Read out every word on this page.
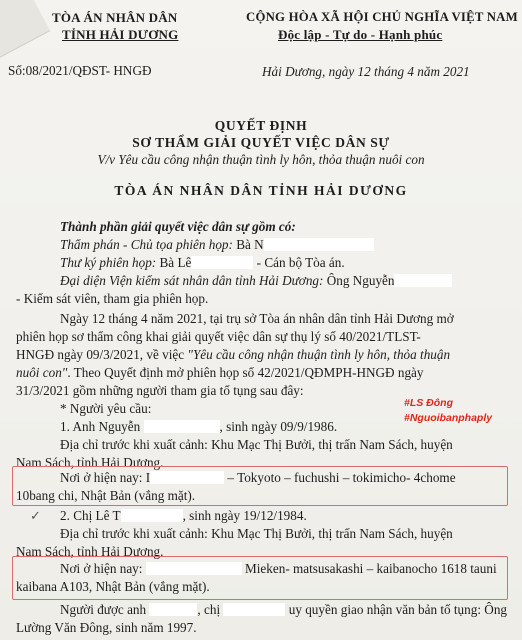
TÒA ÁN NHÂN DÂN
TỈNH HẢI DƯƠNG
Số:08/2021/QĐST- HNGĐ
CỘNG HÒA XÃ HỘI CHỦ NGHĨA VIỆT NAM
Độc lập - Tự do - Hạnh phúc
Hải Dương, ngày 12 tháng 4 năm 2021
QUYẾT ĐỊNH
SƠ THẨM GIẢI QUYẾT VIỆC DÂN SỰ
V/v Yêu cầu công nhận thuận tình ly hôn, thỏa thuận nuôi con
TÒA ÁN NHÂN DÂN TỈNH HẢI DƯƠNG
Thành phần giải quyết việc dân sự gồm có:
Thẩm phán - Chủ tọa phiên họp: Bà N
Thư ký phiên họp: Bà Lê	- Cán bộ Tòa án.
Đại diện Viện kiểm sát nhân dân tỉnh Hải Dương: Ông Nguyễn
- Kiểm sát viên, tham gia phiên họp.
Ngày 12 tháng 4 năm 2021, tại trụ sở Tòa án nhân dân tỉnh Hải Dương mở
phiên họp sơ thẩm công khai giải quyết việc dân sự thụ lý số 40/2021/TLST-
HNGĐ ngày 09/3/2021, về việc "Yêu cầu công nhận thuận tình ly hôn, thỏa thuận
nuôi con". Theo Quyết định mở phiên họp số 42/2021/QĐMPH-HNGĐ ngày
31/3/2021 gồm những người tham gia tố tụng sau đây:
* Người yêu cầu:
1. Anh Nguyễn	, sinh ngày 09/9/1986.
Địa chỉ trước khi xuất cảnh: Khu Mạc Thị Bưởi, thị trấn Nam Sách, huyện
Nam Sách, tỉnh Hải Dương.
Nơi ở hiện nay: I	– Tokyoto – fuchushi – tokimicho- 4chome
10bang chi, Nhật Bản (vắng mặt).
✓ 2. Chị Lê T	, sinh ngày 19/12/1984.
Địa chỉ trước khi xuất cảnh: Khu Mạc Thị Bưởi, thị trấn Nam Sách, huyện
Nam Sách, tỉnh Hải Dương.
Nơi ở hiện nay:	Mieken- matsusakashi – kaibanocho 1618 tauni
kaibana A103, Nhật Bản (vắng mặt).
Người được anh	, chị	uy quyền giao nhận văn bản tố tụng: Ông
Lường Văn Đông, sinh năm 1997.
#LS Đông
#Nguoibanphaply
